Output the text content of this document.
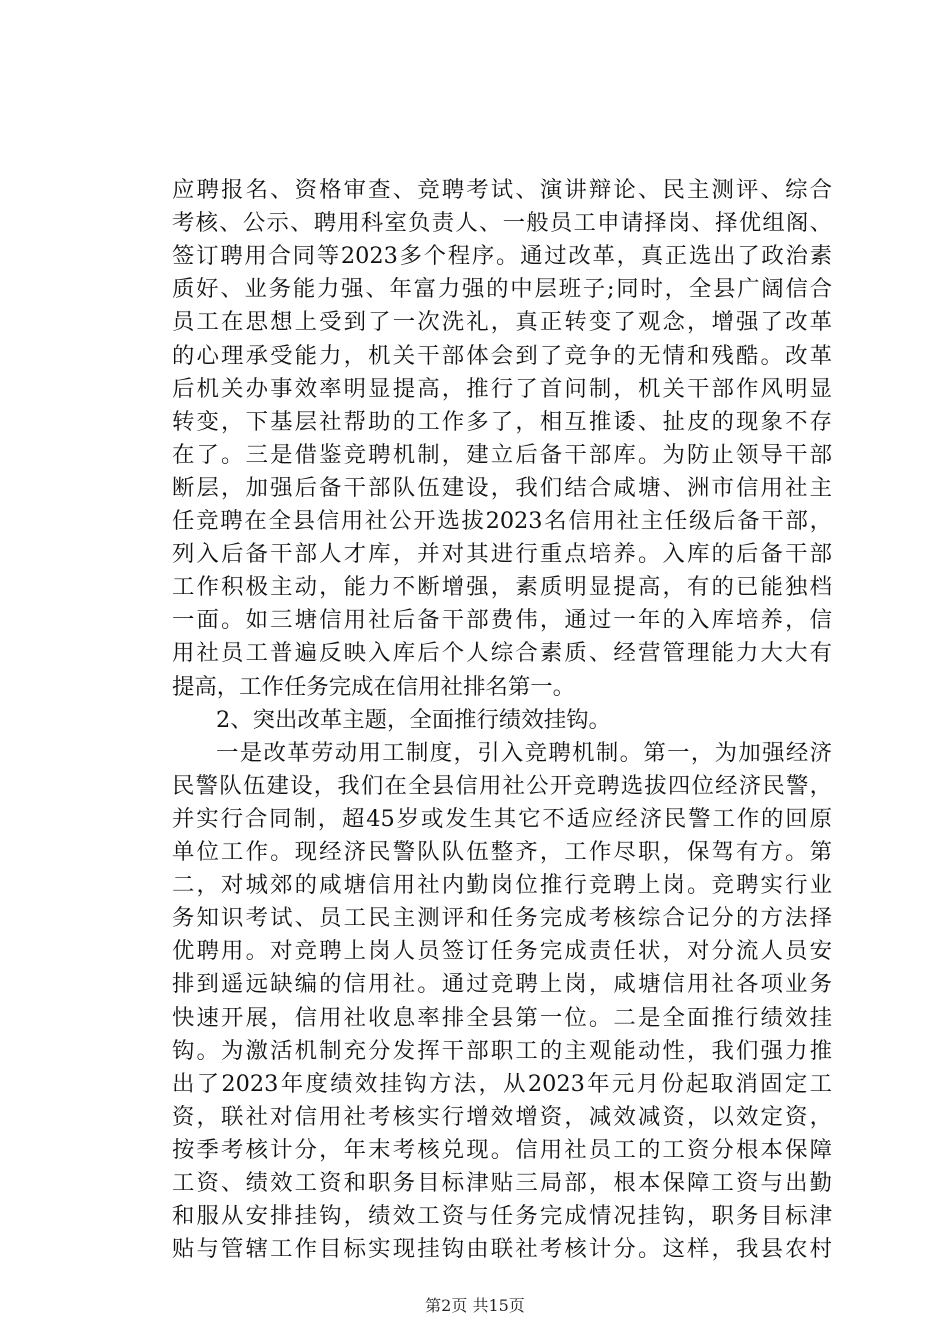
应聘报名、资格审查、竞聘考试、演讲辩论、民主测评、综合
考核、公示、聘用科室负责人、一般员工申请择岗、择优组阁、
签订聘用合同等2023多个程序。通过改革，真正选出了政治素
质好、业务能力强、年富力强的中层班子;同时，全县广阔信合
员工在思想上受到了一次洗礼，真正转变了观念，增强了改革
的心理承受能力，机关干部体会到了竞争的无情和残酷。改革
后机关办事效率明显提高，推行了首问制，机关干部作风明显
转变，下基层社帮助的工作多了，相互推诿、扯皮的现象不存
在了。三是借鉴竞聘机制，建立后备干部库。为防止领导干部
断层，加强后备干部队伍建设，我们结合咸塘、洲市信用社主
任竞聘在全县信用社公开选拔2023名信用社主任级后备干部，
列入后备干部人才库，并对其进行重点培养。入库的后备干部
工作积极主动，能力不断增强，素质明显提高，有的已能独档
一面。如三塘信用社后备干部费伟，通过一年的入库培养，信
用社员工普遍反映入库后个人综合素质、经营管理能力大大有
提高，工作任务完成在信用社排名第一。
2、突出改革主题，全面推行绩效挂钩。
一是改革劳动用工制度，引入竞聘机制。第一，为加强经济
民警队伍建设，我们在全县信用社公开竞聘选拔四位经济民警，
并实行合同制，超45岁或发生其它不适应经济民警工作的回原
单位工作。现经济民警队队伍整齐，工作尽职，保驾有方。第
二，对城郊的咸塘信用社内勤岗位推行竞聘上岗。竞聘实行业
务知识考试、员工民主测评和任务完成考核综合记分的方法择
优聘用。对竞聘上岗人员签订任务完成责任状，对分流人员安
排到遥远缺编的信用社。通过竞聘上岗，咸塘信用社各项业务
快速开展，信用社收息率排全县第一位。二是全面推行绩效挂
钩。为激活机制充分发挥干部职工的主观能动性，我们强力推
出了2023年度绩效挂钩方法，从2023年元月份起取消固定工
资，联社对信用社考核实行增效增资，减效减资，以效定资，
按季考核计分，年末考核兑现。信用社员工的工资分根本保障
工资、绩效工资和职务目标津贴三局部，根本保障工资与出勤
和服从安排挂钩，绩效工资与任务完成情况挂钩，职务目标津
贴与管辖工作目标实现挂钩由联社考核计分。这样，我县农村
第2页 共15页
